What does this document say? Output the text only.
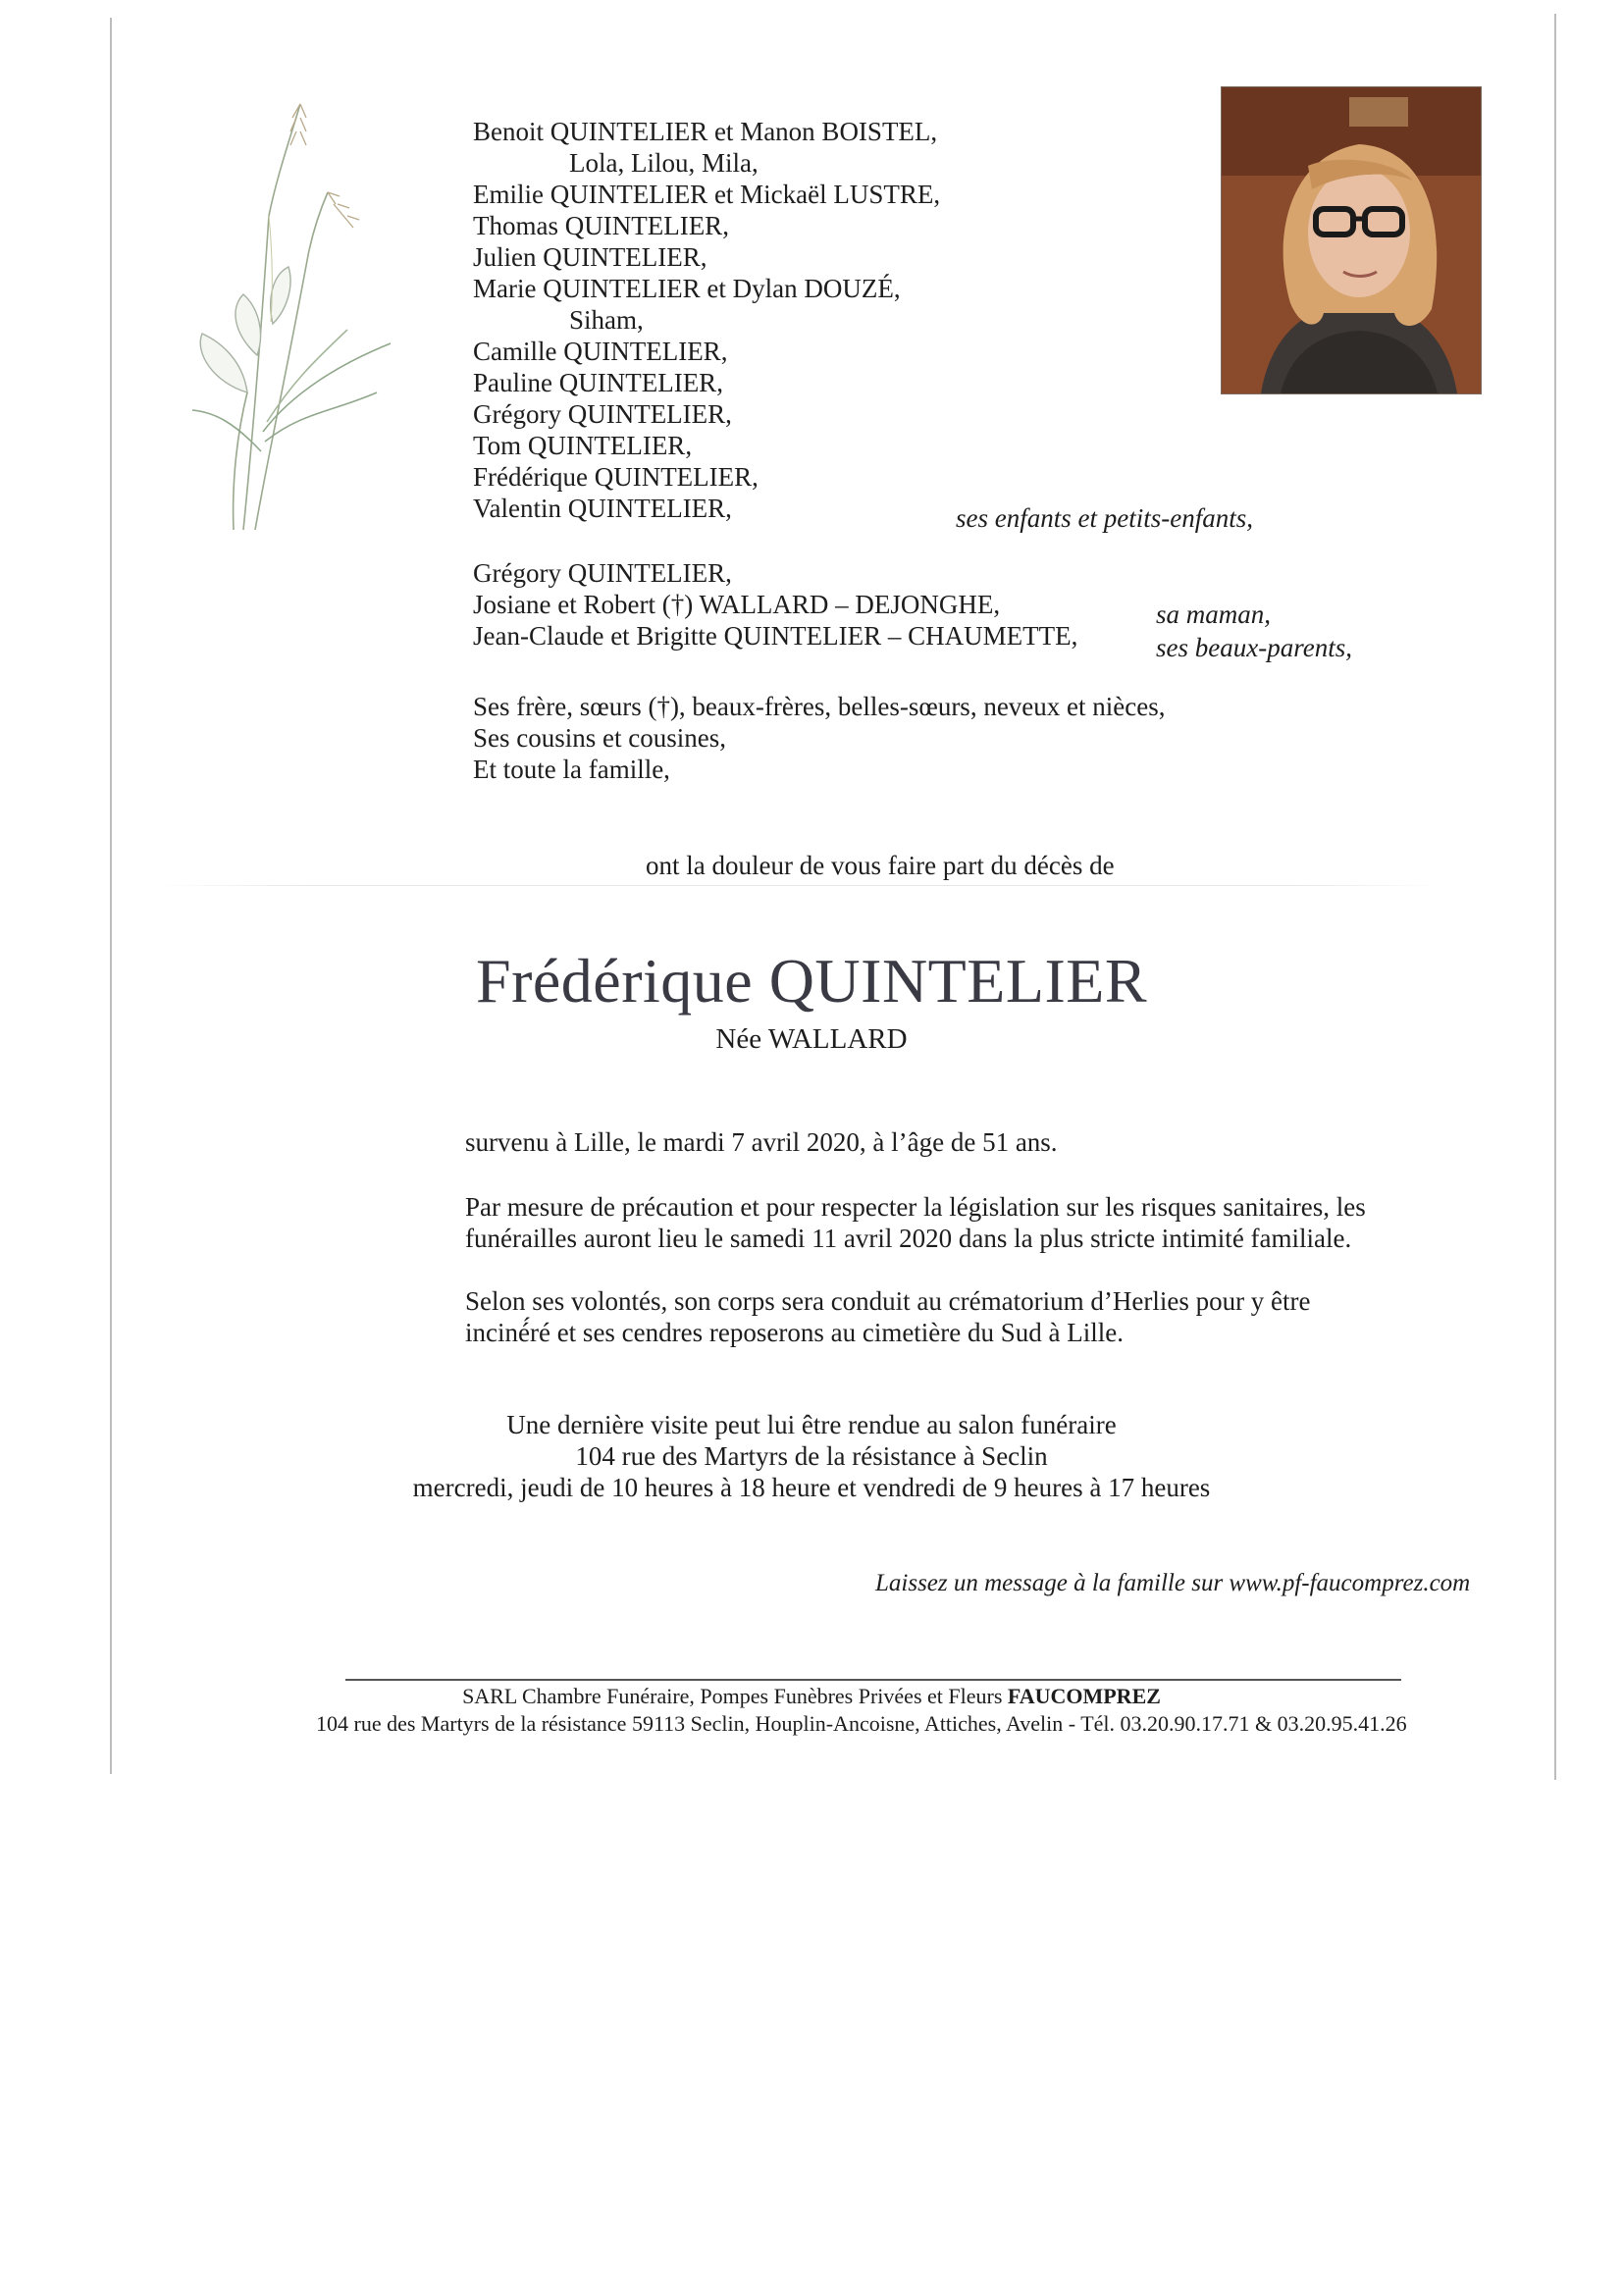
Benoit QUINTELIER et Manon BOISTEL,
Lola, Lilou, Mila,
Emilie QUINTELIER et Mickaël LUSTRE,
Thomas QUINTELIER,
Julien QUINTELIER,
Marie QUINTELIER et Dylan DOUZÉ,
Siham,
Camille QUINTELIER,
Pauline QUINTELIER,
Grégory QUINTELIER,
Tom QUINTELIER,
Frédérique QUINTELIER,
Valentin QUINTELIER,	ses enfants et petits-enfants,
Grégory QUINTELIER,
Josiane et Robert (†) WALLARD – DEJONGHE,	sa maman,
Jean-Claude et Brigitte QUINTELIER – CHAUMETTE,	ses beaux-parents,
Ses frère, sœurs (†), beaux-frères, belles-sœurs, neveux et nièces,
Ses cousins et cousines,
Et toute la famille,
ont la douleur de vous faire part du décès de
Frédérique QUINTELIER
Née WALLARD
survenu à Lille, le mardi 7 avril 2020, à l’âge de 51 ans.
Par mesure de précaution et pour respecter la législation sur les risques sanitaires, les
funérailles auront lieu le samedi 11 avril 2020 dans la plus stricte intimité familiale.
Selon ses volontés, son corps sera conduit au crématorium d’Herlies pour y être
inciné́ré et ses cendres reposerons au cimetière du Sud à Lille.
Une dernière visite peut lui être rendue au salon funéraire
104 rue des Martyrs de la résistance à Seclin
mercredi, jeudi de 10 heures à 18 heure et vendredi de 9 heures à 17 heures
Laissez un message à la famille sur www.pf-faucomprez.com
SARL Chambre Funéraire, Pompes Funèbres Privées et Fleurs FAUCOMPREZ
104 rue des Martyrs de la résistance 59113 Seclin, Houplin-Ancoisne, Attiches, Avelin - Tél. 03.20.90.17.71 & 03.20.95.41.26
